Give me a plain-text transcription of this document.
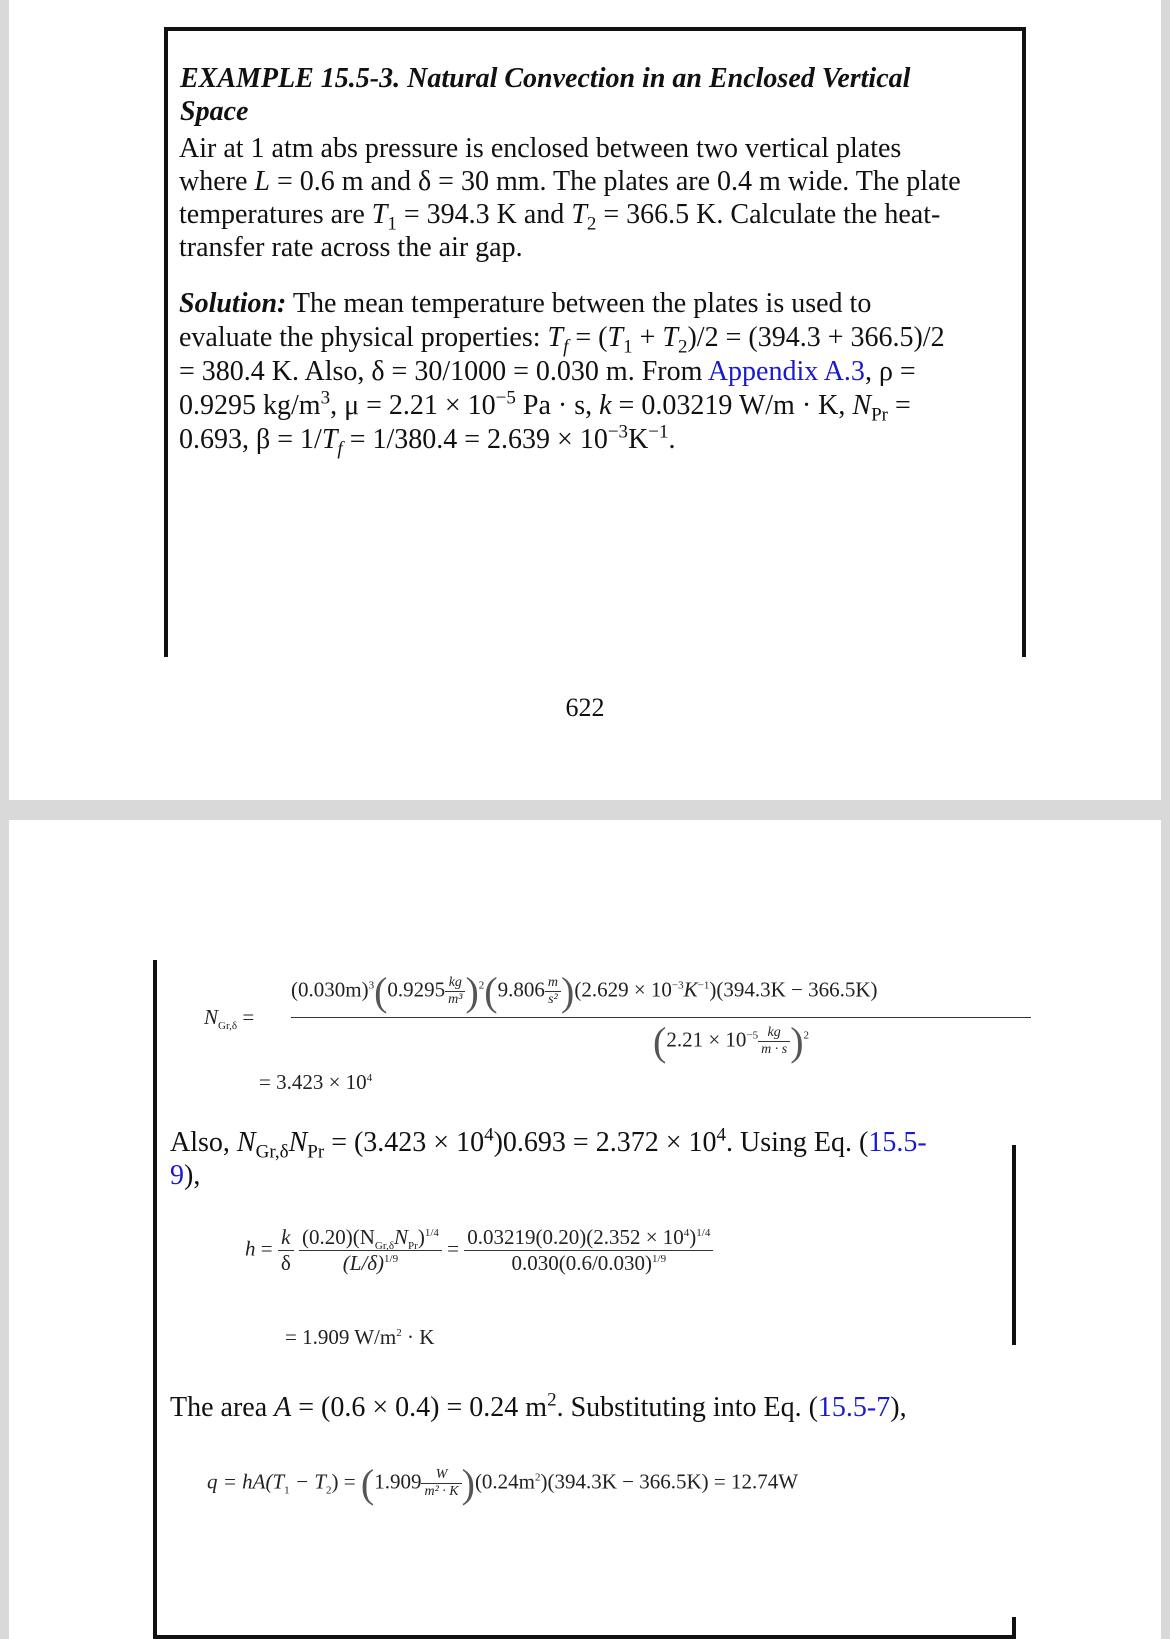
EXAMPLE 15.5-3. Natural Convection in an Enclosed Vertical
Space
Air at 1 atm abs pressure is enclosed between two vertical plates
where L = 0.6 m and δ = 30 mm. The plates are 0.4 m wide. The plate
temperatures are $T_1 = 394.3$ K and $T_2 = 366.5$ K. Calculate the heat-
transfer rate across the air gap.
Solution: The mean temperature between the plates is used to
evaluate the physical properties: $T_f = (T_1 + T_2)/2 = (394.3 + 366.5)/2$
= 380.4 K. Also, δ = 30/1000 = 0.030 m. From Appendix A.3, ρ =
0.9295 $kg/m^3$, $\mu = 2.21 \times 10^{-5}$ Pa · s, k = 0.03219 W/m · K, $N_{Pr}$ =
0.693, $\beta = 1/T_f = 1/380.4 = 2.639 \times 10^{-3}K^{-1}$.
622
$N_{Gr,\delta}$ =
$(0.030m)^3(0.9295 \frac{kg}{\text{m³}} )^2(9.806 \frac{m}{\text{s²}} )(2.629 \times 10^{-3}K^{-1})(394.3K - 366.5K)$
$(2.21 \times 10^{-5} \frac{kg}{m \cdot s} )^2$
= $3.423 \times 10^4$
Also, $N_{Gr,\delta}N_{Pr} = (3.423 \times 10^4)0.693 = 2.372 \times 10^4$. Using Eq. (15.5-
9),
$h = \frac{k}{\delta}$
$\frac{(0.20)(N_{Gr,\delta}N_{Pr})^{1/4}}{(L/\delta)^{1/9}} = \frac{0.03219(0.20)(2.352 \times 10^4)^{1/4}}{0.030(0.6/0.030)^{1/9}}$
= 1.909 $W/m^2 \cdot K$
The area A = (0.6 × 0.4) = 0.24 $m^2$. Substituting into Eq. (15.5-7),
$q = hA(T_1 - T_2) = (1.909 \frac{W}{\text{m² · K}} )(0.24m^2)(394.3K - 366.5K) = 12.74W$
